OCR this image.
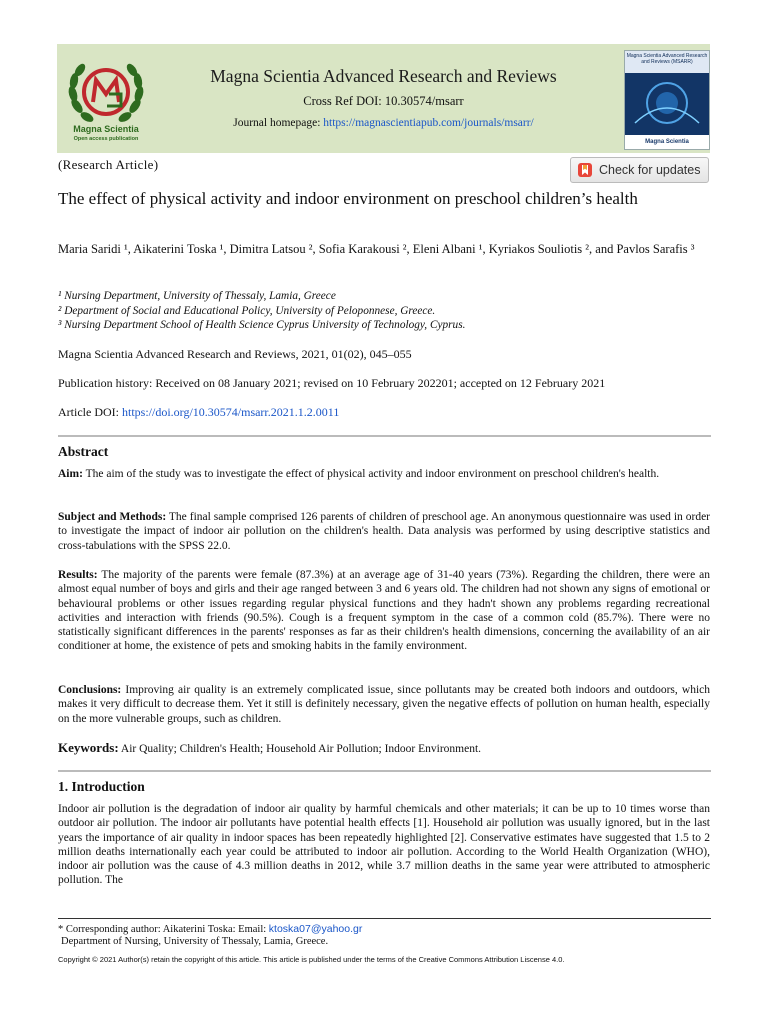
Magna Scientia
Open access publication
Magna Scientia Advanced Research and Reviews
Cross Ref DOI: 10.30574/msarr
Journal homepage: https://magnascientiapub.com/journals/msarr/
Magna Scientia Advanced Research and Reviews (MSARR)
Magna Scientia
(Research Article)	Check for updates
The effect of physical activity and indoor environment on preschool children’s health
Maria Saridi ¹, Aikaterini Toska ¹, Dimitra Latsou ², Sofia Karakousi ², Eleni Albani ¹, Kyriakos Souliotis ², and Pavlos Sarafis ³
¹ Nursing Department, University of Thessaly, Lamia, Greece
² Department of Social and Educational Policy, University of Peloponnese, Greece.
³ Nursing Department School of Health Science Cyprus University of Technology, Cyprus.
Magna Scientia Advanced Research and Reviews, 2021, 01(02), 045–055
Publication history: Received on 08 January 2021; revised on 10 February 202201; accepted on 12 February 2021
Article DOI: https://doi.org/10.30574/msarr.2021.1.2.0011
Abstract
Aim: The aim of the study was to investigate the effect of physical activity and indoor environment on preschool children's health.
Subject and Methods: The final sample comprised 126 parents of children of preschool age. An anonymous questionnaire was used in order to investigate the impact of indoor air pollution on the children's health. Data analysis was performed by using descriptive statistics and cross-tabulations with the SPSS 22.0.
Results: The majority of the parents were female (87.3%) at an average age of 31-40 years (73%). Regarding the children, there were an almost equal number of boys and girls and their age ranged between 3 and 6 years old. The children had not shown any signs of emotional or behavioural problems or other issues regarding regular physical functions and they hadn't shown any problems regarding recreational activities and interaction with friends (90.5%). Cough is a frequent symptom in the case of a common cold (85.7%). There were no statistically significant differences in the parents' responses as far as their children's health dimensions, concerning the availability of an air conditioner at home, the existence of pets and smoking habits in the family environment.
Conclusions: Improving air quality is an extremely complicated issue, since pollutants may be created both indoors and outdoors, which makes it very difficult to decrease them. Yet it still is definitely necessary, given the negative effects of pollution on human health, especially on the more vulnerable groups, such as children.
Keywords: Air Quality; Children's Health; Household Air Pollution; Indoor Environment.
1. Introduction
Indoor air pollution is the degradation of indoor air quality by harmful chemicals and other materials; it can be up to 10 times worse than outdoor air pollution. The indoor air pollutants have potential health effects [1]. Household air pollution was usually ignored, but in the last years the importance of air quality in indoor spaces has been repeatedly highlighted [2]. Conservative estimates have suggested that 1.5 to 2 million deaths internationally each year could be attributed to indoor air pollution. According to the World Health Organization (WHO), indoor air pollution was the cause of 4.3 million deaths in 2012, while 3.7 million deaths in the same year were attributed to atmospheric pollution. The
* Corresponding author: Aikaterini Toska: Email: ktoska07@yahoo.gr
Department of Nursing, University of Thessaly, Lamia, Greece.
Copyright © 2021 Author(s) retain the copyright of this article. This article is published under the terms of the Creative Commons Attribution Liscense 4.0.
